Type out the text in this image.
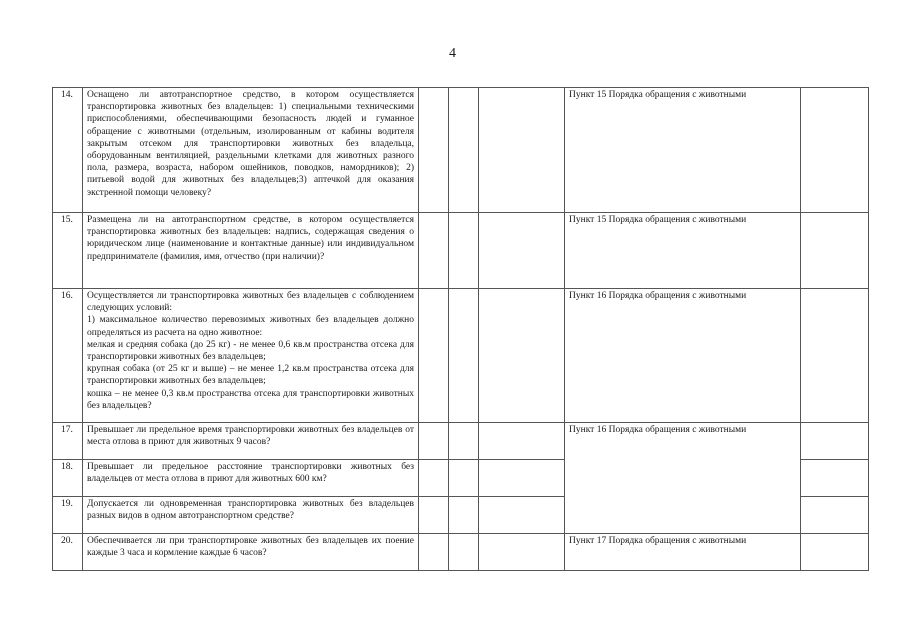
4
14.	Оснащено ли автотранспортное средство, в котором осуществляется транспортировка животных без владельцев: 1) специальными техническими приспособлениями, обеспечивающими безопасность людей и гуманное обращение с животными (отдельным, изолированным от кабины водителя закрытым отсеком для транспортировки животных без владельца, оборудованным вентиляцией, раздельными клетками для животных разного пола, размера, возраста, набором ошейников, поводков, намордников); 2) питьевой водой для животных без владельцев;3) аптечкой для оказания экстренной помощи человеку?				Пункт 15 Порядка обращения с животными	
15.	Размещена ли на автотранспортном средстве, в котором осуществляется транспортировка животных без владельцев: надпись, содержащая сведения о юридическом лице (наименование и контактные данные) или индивидуальном предпринимателе (фамилия, имя, отчество (при наличии)?				Пункт 15 Порядка обращения с животными	
16.	Осуществляется ли транспортировка животных без владельцев с соблюдением следующих условий:
1) максимальное количество перевозимых животных без владельцев должно определяться из расчета на одно животное:
мелкая и средняя собака (до 25 кг) - не менее 0,6 кв.м пространства отсека для транспортировки животных без владельцев;
крупная собака (от 25 кг и выше) – не менее 1,2 кв.м пространства отсека для транспортировки животных без владельцев;
кошка – не менее 0,3 кв.м пространства отсека для транспортировки животных без владельцев?				Пункт 16 Порядка обращения с животными	
17.	Превышает ли предельное время транспортировки животных без владельцев от места отлова в приют для животных 9 часов?				Пункт 16 Порядка обращения с животными	
18.	Превышает ли предельное расстояние транспортировки животных без владельцев от места отлова в приют для животных 600 км?					
19.	Допускается ли одновременная транспортировка животных без владельцев разных видов в одном автотранспортном средстве?					
20.	Обеспечивается ли при транспортировке животных без владельцев их поение каждые 3 часа и кормление каждые 6 часов?				Пункт 17 Порядка обращения с животными	
